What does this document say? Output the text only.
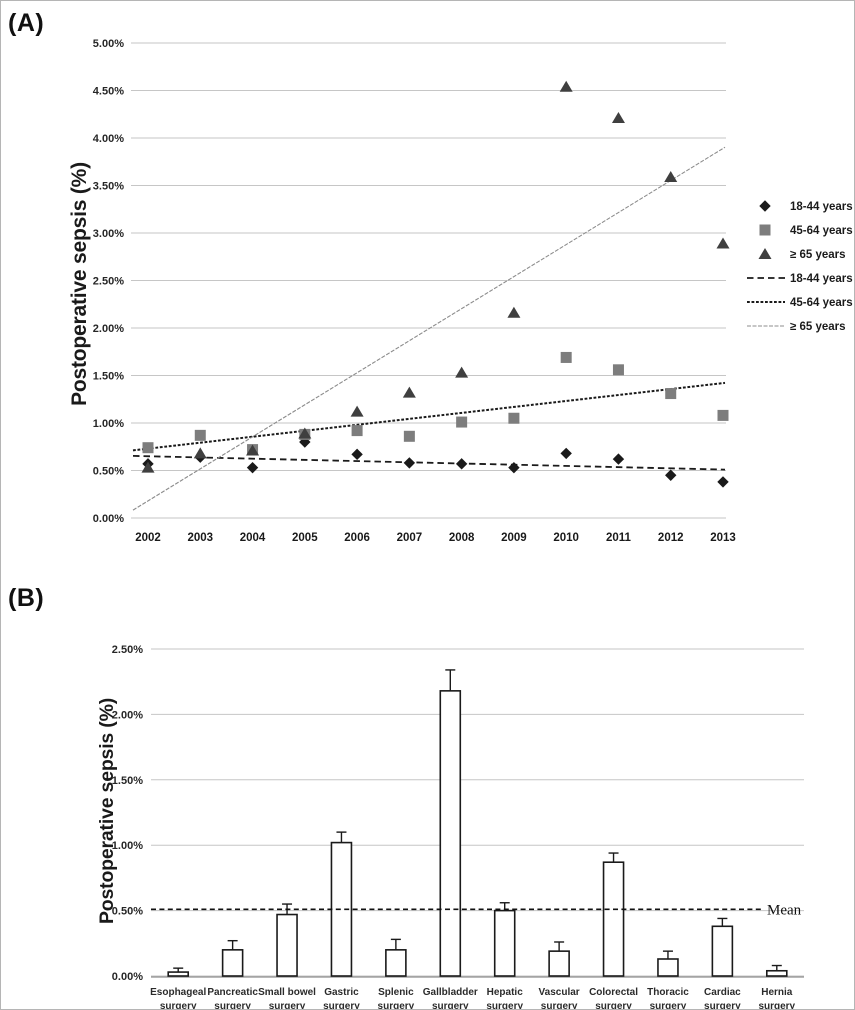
(A)
Postoperative sepsis (%)
0.00%
0.50%
1.00%
1.50%
2.00%
2.50%
3.00%
3.50%
4.00%
4.50%
5.00%
2002 2003 2004 2005 2006 2007 2008 2009 2010 2011 2012 2013
18-44 years
45-64 years
≥ 65 years
18-44 years
45-64 years
≥ 65 years
(B)
Postoperative sepsis (%)
0.00%
0.50%
1.00%
1.50%
2.00%
2.50%
Esophageal
surgery
Pancreatic
surgery
Small bowel
surgery
Gastric
surgery
Splenic
surgery
Gallbladder
surgery
Hepatic
surgery
Vascular
surgery
Colorectal
surgery
Thoracic
surgery
Cardiac
surgery
Hernia
surgery
Mean
